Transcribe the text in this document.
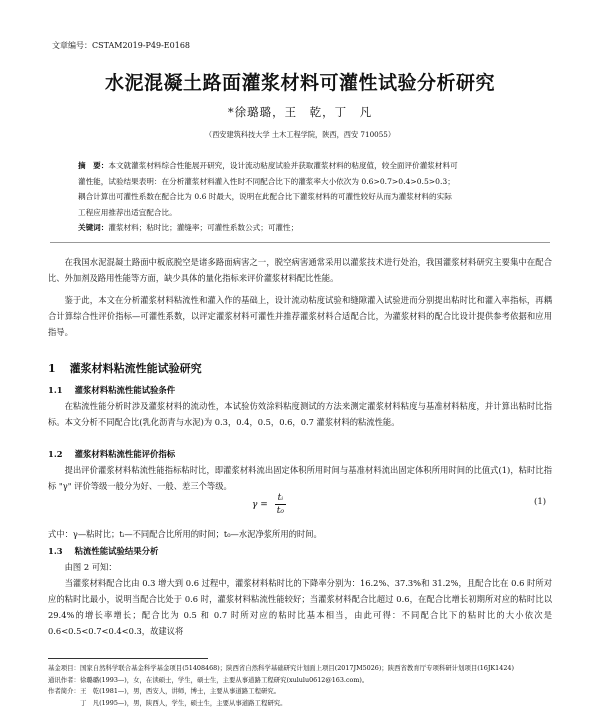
文章编号：CSTAM2019-P49-E0168
水泥混凝土路面灌浆材料可灌性试验分析研究
*徐璐璐，王　乾，丁　凡
（西安建筑科技大学 土木工程学院，陕西，西安 710055）

摘　要：本文就灌浆材料综合性能展开研究，设计流动粘度试验并获取灌浆材料的粘度值，较全面评价灌浆材料可

灌性能，试验结果表明：在分析灌浆材料灌入性时不同配合比下的灌浆率大小依次为 0.6>0.7>0.4>0.5>0.3；

耦合计算出可灌性系数在配合比为 0.6 时最大，说明在此配合比下灌浆材料的可灌性较好从而为灌浆材料的实际

工程应用推荐出适宜配合比。

关键词：灌浆材料；粘时比；灌缝率；可灌性系数公式；可灌性；

在我国水泥混凝土路面中板底脱空是诸多路面病害之一，脱空病害通常采用以灌浆技术进行处治，我国灌浆材料研究主要集中在配合比、外加剂及路用性能等方面，缺少具体的量化指标来评价灌浆材料配比性能。

鉴于此，本文在分析灌浆材料粘流性和灌入作的基础上，设计流动粘度试验和缝隙灌入试验进而分别提出粘时比和灌入率指标，再耦合计算综合性评价指标—可灌性系数，以评定灌浆材料可灌性并推荐灌浆材料合适配合比，为灌浆材料的配合比设计提供参考依据和应用指导。

1 灌浆材料粘流性能试验研究
1.1 灌浆材料粘流性能试验条件

在粘流性能分析时涉及灌浆材料的流动性，本试验仿效涂料粘度测试的方法来测定灌浆材料粘度与基准材料粘度，并计算出粘时比指标。本文分析不同配合比(乳化沥青与水泥)为 0.3，0.4，0.5，0.6，0.7 灌浆材料的粘流性能。

1.2 灌浆材料粘流性能评价指标

提出评价灌浆材料粘流性能指标粘时比，即灌浆材料流出固定体积所用时间与基准材料流出固定体积所用时间的比值式(1)，粘时比指标 "γ" 评价等级一般分为好、一般、差三个等级。

$\gamma = \frac{\text{tᵢ}}{\text{t₀}}$	(1)

式中：γ—粘时比；tᵢ—不同配合比所用的时间；t₀—水泥净浆所用的时间。

1.3 粘流性能试验结果分析

由图 2 可知：

当灌浆材料配合比由 0.3 增大到 0.6 过程中，灌浆材料粘时比的下降率分别为：16.2%、37.3%和 31.2%，且配合比在 0.6 时所对应的粘时比最小，说明当配合比处于 0.6 时，灌浆材料粘流性能较好；当灌浆材料配合比超过 0.6，在配合比增长初期所对应的粘时比以 29.4%的增长率增长；配合比为 0.5 和 0.7 时所对应的粘时比基本相当，由此可得：不同配合比下的粘时比的大小依次是 0.6<0.5<0.7<0.4<0.3，故建议将

基金项目：国家自然科学联合基金科学基金项目(51408468)；陕西省自然科学基础研究计划面上项目(2017JM5026)；陕西省教育厅专项科研计划项目(16JK1424)

通讯作者：徐璐璐(1993—)，女，在读硕士，学生，硕士生，主要从事道路工程研究(xululu0612@163.com)。

作者简介：王　乾(1981—)，男，西安人，讲师，博士，主要从事道路工程研究。

　　　　　丁　凡(1995—)，男，陕西人，学生，硕士生，主要从事道路工程研究。
